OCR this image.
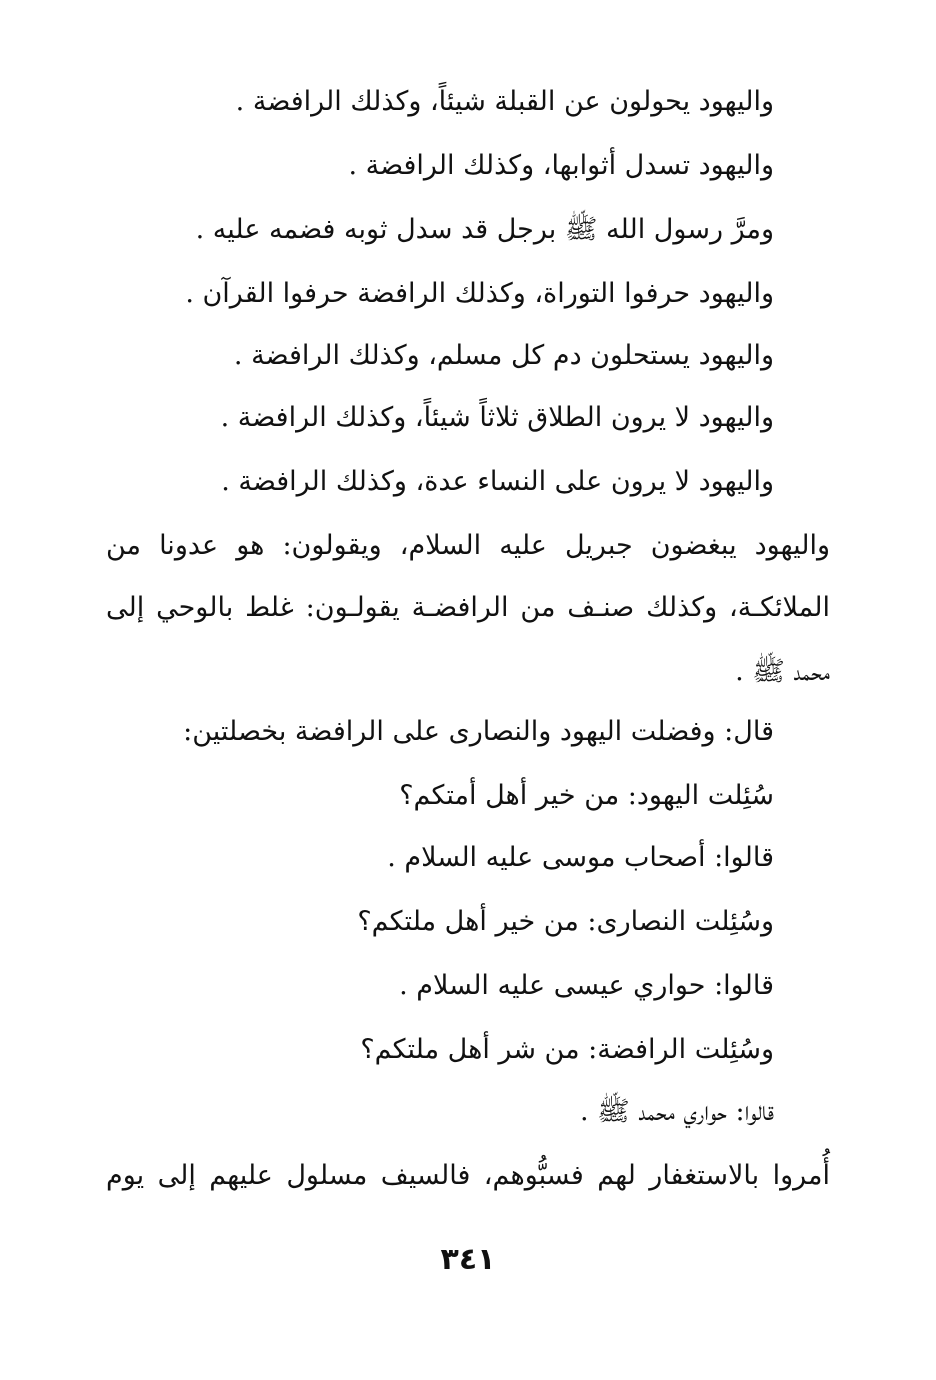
واليهود يحولون عن القبلة شيئاً، وكذلك الرافضة .

واليهود تسدل أثوابها، وكذلك الرافضة .

ومرَّ رسول الله ﷺ برجل قد سدل ثوبه فضمه عليه .

واليهود حرفوا التوراة، وكذلك الرافضة حرفوا القرآن .

واليهود يستحلون دم كل مسلم، وكذلك الرافضة .

واليهود لا يرون الطلاق ثلاثاً شيئاً، وكذلك الرافضة .

واليهود لا يرون على النساء عدة، وكذلك الرافضة .

واليهود يبغضون جبريل عليه السلام، ويقولون: هو عدونا من

الملائكـة، وكذلك صنـف من الرافضـة يقولـون: غلط بالوحي إلى

محمد ﷺ .

قال: وفضلت اليهود والنصارى على الرافضة بخصلتين:

سُئِلت اليهود: من خير أهل أمتكم؟

قالوا: أصحاب موسى عليه السلام .

وسُئِلت النصارى: من خير أهل ملتكم؟

قالوا: حواري عيسى عليه السلام .

وسُئِلت الرافضة: من شر أهل ملتكم؟

قالوا: حواري محمد ﷺ .

أُمروا بالاستغفار لهم فسبُّوهم، فالسيف مسلول عليهم إلى يوم

٣٤١
